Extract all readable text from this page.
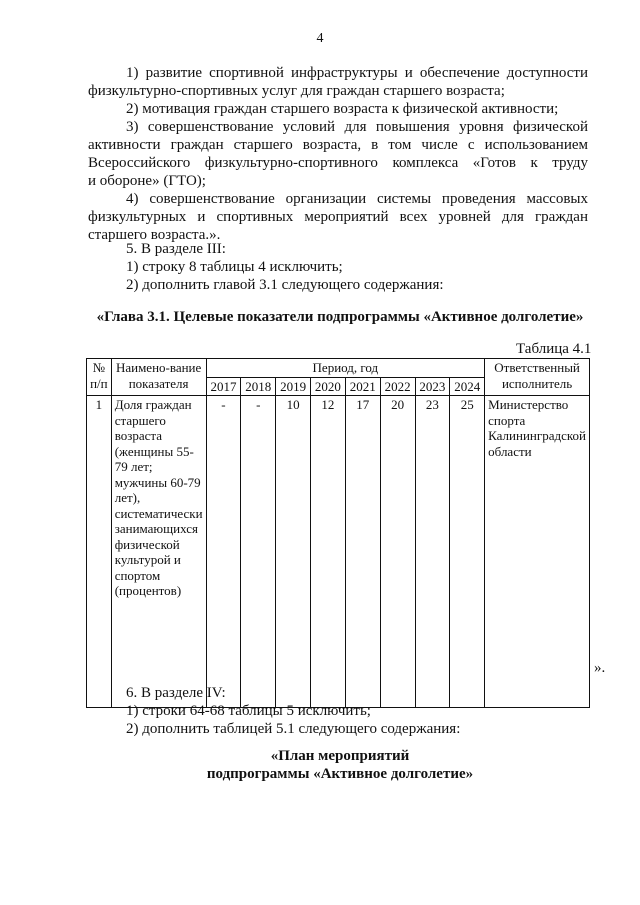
4
1) развитие спортивной инфраструктуры и обеспечение доступности
физкультурно-спортивных услуг для граждан старшего возраста;
2) мотивация граждан старшего возраста к физической активности;
3) совершенствование условий для повышения уровня физической
активности граждан старшего возраста, в том числе с использованием
Всероссийского физкультурно-спортивного комплекса «Готов к труду
и обороне» (ГТО);
4) совершенствование организации системы проведения массовых
физкультурных и спортивных мероприятий всех уровней для граждан
старшего возраста.».
5. В разделе III:
1) строку 8 таблицы 4 исключить;
2) дополнить главой 3.1 следующего содержания:
«Глава 3.1. Целевые показатели подпрограммы «Активное долголетие»
Таблица 4.1
№ п/п	Наимено-вание показателя	Период, год								Ответственный исполнитель
		2017	2018	2019	2020	2021	2022	2023	2024	
1	Доля граждан старшего возраста (женщины 55-79 лет; мужчины 60-79 лет), систематически занимающихся физической культурой и спортом (процентов)	-	-	10	12	17	20	23	25	Министерство спорта Калининградской области
».
6. В разделе IV:
1) строки 64-68 таблицы 5 исключить;
2) дополнить таблицей 5.1 следующего содержания:
«План мероприятий
подпрограммы «Активное долголетие»
